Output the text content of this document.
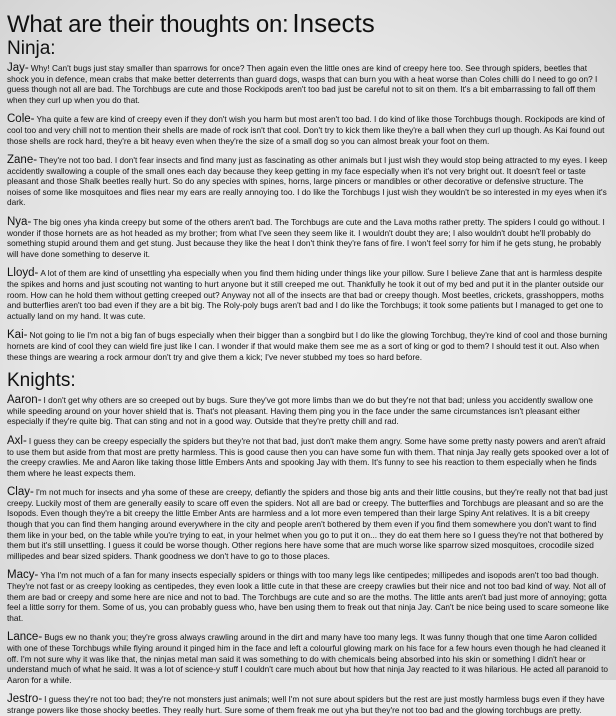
What are their thoughts on: Insects
Ninja:

Jay- Why! Can't bugs just stay smaller than sparrows for once? Then again even the little ones are kind of creepy here too. See through spiders, beetles that shock you in defence, mean crabs that make better deterrents than guard dogs, wasps that can burn you with a heat worse than Coles chilli do I need to go on? I guess though not all are bad. The Torchbugs are cute and those Rockipods aren't too bad just be careful not to sit on them. It's a bit embarrassing to fall off them when they curl up when you do that.

Cole- Yha quite a few are kind of creepy even if they don't wish you harm but most aren't too bad. I do kind of like those Torchbugs though. Rockipods are kind of cool too and very chill not to mention their shells are made of rock isn't that cool. Don't try to kick them like they're a ball when they curl up though. As Kai found out those shells are rock hard, they're a bit heavy even when they're the size of a small dog so you can almost break your foot on them.

Zane- They're not too bad. I don't fear insects and find many just as fascinating as other animals but I just wish they would stop being attracted to my eyes. I keep accidently swallowing a couple of the small ones each day because they keep getting in my face especially when it's not very bright out. It doesn't feel or taste pleasant and those Shalk beetles really hurt. So do any species with spines, horns, large pincers or mandibles or other decorative or defensive structure. The noises of some like mosquitoes and flies near my ears are really annoying too. I do like the Torchbugs I just wish they wouldn't be so interested in my eyes when it's dark.

Nya- The big ones yha kinda creepy but some of the others aren't bad. The Torchbugs are cute and the Lava moths rather pretty. The spiders I could go without. I wonder if those hornets are as hot headed as my brother; from what I've seen they seem like it. I wouldn't doubt they are; I also wouldn't doubt he'll probably do something stupid around them and get stung. Just because they like the heat I don't think they're fans of fire. I won't feel sorry for him if he gets stung, he probably will have done something to deserve it.

Lloyd- A lot of them are kind of unsettling yha especially when you find them hiding under things like your pillow. Sure I believe Zane that ant is harmless despite the spikes and horns and just scouting not wanting to hurt anyone but it still creeped me out. Thankfully he took it out of my bed and put it in the planter outside our room. How can he hold them without getting creeped out? Anyway not all of the insects are that bad or creepy though. Most beetles, crickets, grasshoppers, moths and butterflies aren't too bad even if they are a bit big. The Roly-poly bugs aren't bad and I do like the Torchbugs; it took some patients but I managed to get one to actually land on my hand. It was cute.

Kai- Not going to lie I'm not a big fan of bugs especially when their bigger than a songbird but I do like the glowing Torchbug, they're kind of cool and those burning hornets are kind of cool they can wield fire just like I can. I wonder if that would make them see me as a sort of king or god to them? I should test it out. Also when these things are wearing a rock armour don't try and give them a kick; I've never stubbed my toes so hard before.

Knights:

Aaron- I don't get why others are so creeped out by bugs. Sure they've got more limbs than we do but they're not that bad; unless you accidently swallow one while speeding around on your hover shield that is. That's not pleasant. Having them ping you in the face under the same circumstances isn't pleasant either especially if they're quite big. That can sting and not in a good way. Outside that they're pretty chill and rad.

Axl- I guess they can be creepy especially the spiders but they're not that bad, just don't make them angry. Some have some pretty nasty powers and aren't afraid to use them but aside from that most are pretty harmless. This is good cause then you can have some fun with them. That ninja Jay really gets spooked over a lot of the creepy crawlies. Me and Aaron like taking those little Embers Ants and spooking Jay with them. It's funny to see his reaction to them especially when he finds them where he least expects them.

Clay- I'm not much for insects and yha some of these are creepy, defiantly the spiders and those big ants and their little cousins, but they're really not that bad just creepy. Luckily most of them are generally easily to scare off even the spiders. Not all are bad or creepy. The butterflies and Torchbugs are pleasant and so are the Isopods. Even though they're a bit creepy the little Ember Ants are harmless and a lot more even tempered than their large Spiny Ant relatives. It is a bit creepy though that you can find them hanging around everywhere in the city and people aren't bothered by them even if you find them somewhere you don't want to find them like in your bed, on the table while you're trying to eat, in your helmet when you go to put it on... they do eat them here so I guess they're not that bothered by them but it's still unsettling. I guess it could be worse though. Other regions here have some that are much worse like sparrow sized mosquitoes, crocodile sized millipedes and bear sized spiders. Thank goodness we don't have to go to those places.

Macy- Yha I'm not much of a fan for many insects especially spiders or things with too many legs like centipedes; millipedes and isopods aren't too bad though. They're not fast or as creepy looking as centipedes, they even look a little cute in that these are creepy crawlies but their nice and not too bad kind of way. Not all of them are bad or creepy and some here are nice and not to bad. The Torchbugs are cute and so are the moths. The little ants aren't bad just more of annoying; gotta feel a little sorry for them. Some of us, you can probably guess who, have ben using them to freak out that ninja Jay. Can't be nice being used to scare someone like that.

Lance- Bugs ew no thank you; they're gross always crawling around in the dirt and many have too many legs. It was funny though that one time Aaron collided with one of these Torchbugs while flying around it pinged him in the face and left a colourful glowing mark on his face for a few hours even though he had cleaned it off. I'm not sure why it was like that, the ninjas metal man said it was something to do with chemicals being absorbed into his skin or something I didn't hear or understand much of what he said. It was a lot of science-y stuff I couldn't care much about but how that ninja Jay reacted to it was hilarious. He acted all paranoid to Aaron for a while.

Jestro- I guess they're not too bad; they're not monsters just animals; well I'm not sure about spiders but the rest are just mostly harmless bugs even if they have strange powers like those shocky beetles. They really hurt. Sure some of them freak me out yha but they're not too bad and the glowing torchbugs are pretty.
